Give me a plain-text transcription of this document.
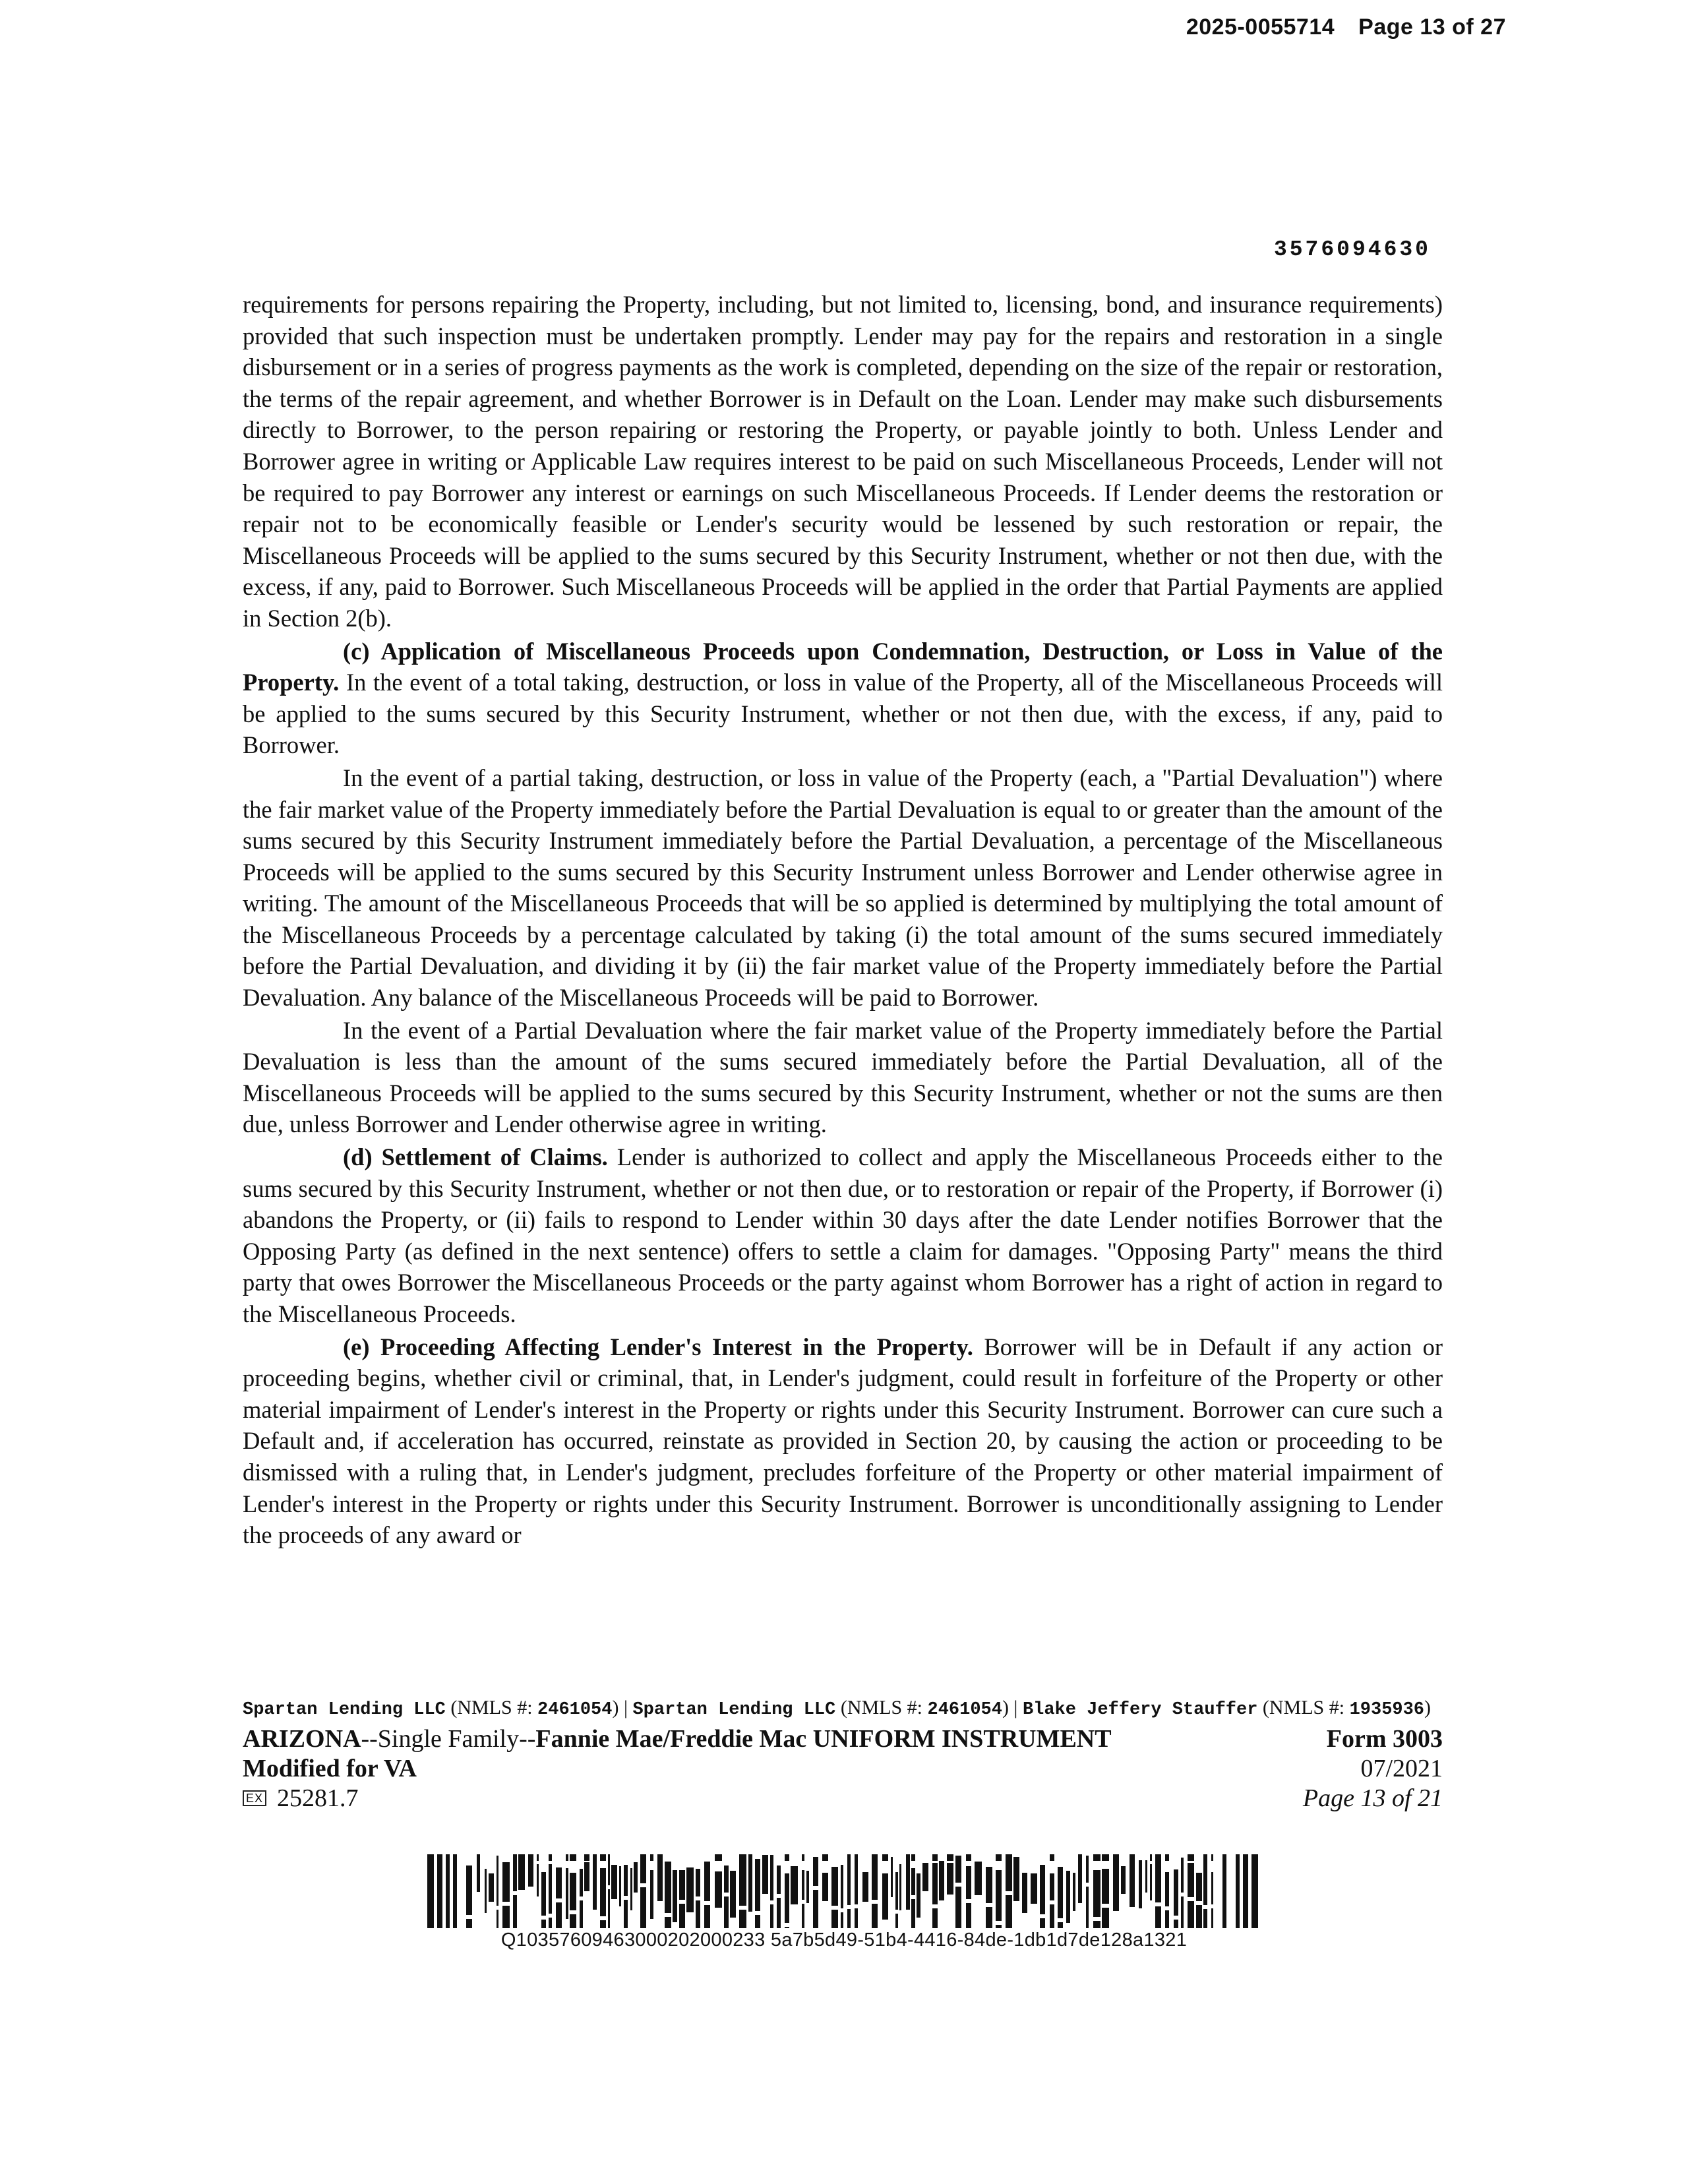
2025-0055714 Page 13 of 27
3576094630

requirements for persons repairing the Property, including, but not limited to, licensing, bond, and insurance requirements) provided that such inspection must be undertaken promptly. Lender may pay for the repairs and restoration in a single disbursement or in a series of progress payments as the work is completed, depending on the size of the repair or restoration, the terms of the repair agreement, and whether Borrower is in Default on the Loan. Lender may make such disbursements directly to Borrower, to the person repairing or restoring the Property, or payable jointly to both. Unless Lender and Borrower agree in writing or Applicable Law requires interest to be paid on such Miscellaneous Proceeds, Lender will not be required to pay Borrower any interest or earnings on such Miscellaneous Proceeds. If Lender deems the restoration or repair not to be economically feasible or Lender's security would be lessened by such restoration or repair, the Miscellaneous Proceeds will be applied to the sums secured by this Security Instrument, whether or not then due, with the excess, if any, paid to Borrower. Such Miscellaneous Proceeds will be applied in the order that Partial Payments are applied in Section 2(b).

(c) Application of Miscellaneous Proceeds upon Condemnation, Destruction, or Loss in Value of the Property. In the event of a total taking, destruction, or loss in value of the Property, all of the Miscellaneous Proceeds will be applied to the sums secured by this Security Instrument, whether or not then due, with the excess, if any, paid to Borrower.

In the event of a partial taking, destruction, or loss in value of the Property (each, a "Partial Devaluation") where the fair market value of the Property immediately before the Partial Devaluation is equal to or greater than the amount of the sums secured by this Security Instrument immediately before the Partial Devaluation, a percentage of the Miscellaneous Proceeds will be applied to the sums secured by this Security Instrument unless Borrower and Lender otherwise agree in writing. The amount of the Miscellaneous Proceeds that will be so applied is determined by multiplying the total amount of the Miscellaneous Proceeds by a percentage calculated by taking (i) the total amount of the sums secured immediately before the Partial Devaluation, and dividing it by (ii) the fair market value of the Property immediately before the Partial Devaluation. Any balance of the Miscellaneous Proceeds will be paid to Borrower.

In the event of a Partial Devaluation where the fair market value of the Property immediately before the Partial Devaluation is less than the amount of the sums secured immediately before the Partial Devaluation, all of the Miscellaneous Proceeds will be applied to the sums secured by this Security Instrument, whether or not the sums are then due, unless Borrower and Lender otherwise agree in writing.

(d) Settlement of Claims. Lender is authorized to collect and apply the Miscellaneous Proceeds either to the sums secured by this Security Instrument, whether or not then due, or to restoration or repair of the Property, if Borrower (i) abandons the Property, or (ii) fails to respond to Lender within 30 days after the date Lender notifies Borrower that the Opposing Party (as defined in the next sentence) offers to settle a claim for damages. "Opposing Party" means the third party that owes Borrower the Miscellaneous Proceeds or the party against whom Borrower has a right of action in regard to the Miscellaneous Proceeds.

(e) Proceeding Affecting Lender's Interest in the Property. Borrower will be in Default if any action or proceeding begins, whether civil or criminal, that, in Lender's judgment, could result in forfeiture of the Property or other material impairment of Lender's interest in the Property or rights under this Security Instrument. Borrower can cure such a Default and, if acceleration has occurred, reinstate as provided in Section 20, by causing the action or proceeding to be dismissed with a ruling that, in Lender's judgment, precludes forfeiture of the Property or other material impairment of Lender's interest in the Property or rights under this Security Instrument. Borrower is unconditionally assigning to Lender the proceeds of any award or

Spartan Lending LLC (NMLS #: 2461054) | Spartan Lending LLC (NMLS #: 2461054) | Blake Jeffery Stauffer (NMLS #: 1935936)
ARIZONA--Single Family--Fannie Mae/Freddie Mac UNIFORM INSTRUMENT
Modified for VA
EX 25281.7
Form 3003
07/2021
Page 13 of 21
Q10357609463000202000233 5a7b5d49-51b4-4416-84de-1db1d7de128a1321
